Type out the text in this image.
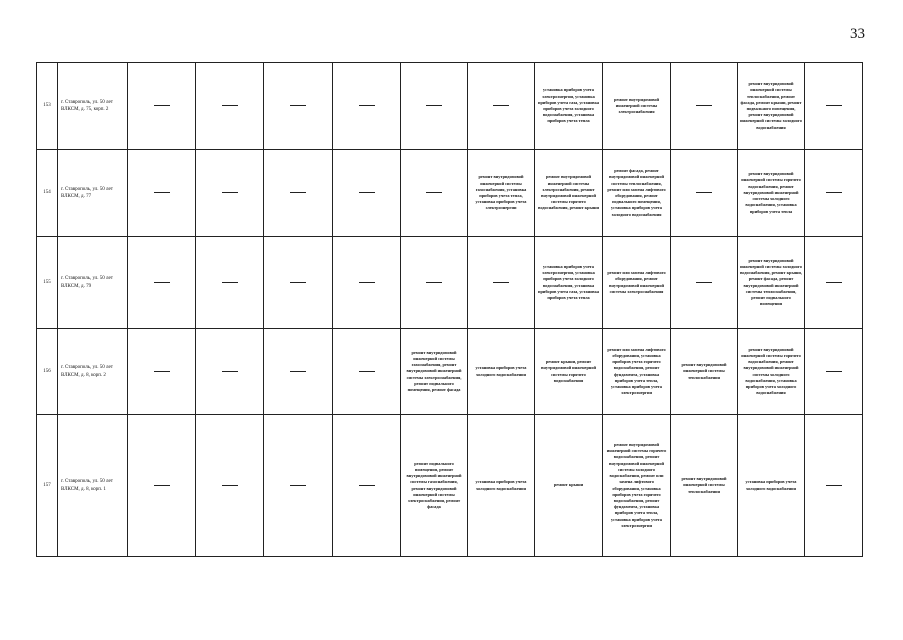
33
153	г. Ставрополь, ул. 50 лет
ВЛКСМ, д. 75, корп. 2							установка приборов учета электроэнергии, установка приборов учета газа, установка приборов учета холодного водоснабжения, установка приборов учета тепла	ремонт внутридомовой инженерной системы электроснабжения		ремонт внутридомовой инженерной системы теплоснабжения, ремонт фасада, ремонт крыши, ремонт подвального помещения, ремонт внутридомовой инженерной системы холодного водоснабжения	
154	г. Ставрополь, ул. 50 лет
ВЛКСМ, д. 77						ремонт внутридомовой инженерной системы газоснабжения, установка приборов учета тепла, установка приборов учета электроэнергии	ремонт внутридомовой инженерной системы электроснабжения, ремонт внутридомовой инженерной системы горячего водоснабжения, ремонт крыши	ремонт фасада, ремонт внутридомовой инженерной системы теплоснабжения, ремонт или замена лифтового оборудования, ремонт подвального помещения, установка приборов учета холодного водоснабжения		ремонт внутридомовой инженерной системы горячего водоснабжения, ремонт внутридомовой инженерной системы холодного водоснабжения, установка приборов учета тепла	
155	г. Ставрополь, ул. 50 лет
ВЛКСМ, д. 79							установка приборов учета электроэнергии, установка приборов учета холодного водоснабжения, установка приборов учета газа, установка приборов учета тепла	ремонт или замена лифтового оборудования, ремонт внутридомовой инженерной системы электроснабжения		ремонт внутридомовой инженерной системы холодного водоснабжения, ремонт крыши, ремонт фасада, ремонт внутридомовой инженерной системы теплоснабжения, ремонт подвального помещения	
156	г. Ставрополь, ул. 50 лет
ВЛКСМ, д. 8, корп. 2					ремонт внутридомовой инженерной системы газоснабжения, ремонт внутридомовой инженерной системы электроснабжения, ремонт подвального помещения, ремонт фасада	установка приборов учета холодного водоснабжения	ремонт крыши, ремонт внутридомовой инженерной системы горячего водоснабжения	ремонт или замена лифтового оборудования, установка приборов учета горячего водоснабжения, ремонт фундамента, установка приборов учета тепла, установка приборов учета электроэнергии	ремонт внутридомовой инженерной системы теплоснабжения	ремонт внутридомовой инженерной системы горячего водоснабжения, ремонт внутридомовой инженерной системы холодного водоснабжения, установка приборов учета холодного водоснабжения	
157	г. Ставрополь, ул. 50 лет
ВЛКСМ, д. 8, корп. 1					ремонт подвального помещения, ремонт внутридомовой инженерной системы газоснабжения, ремонт внутридомовой инженерной системы электроснабжения, ремонт фасада	установка приборов учета холодного водоснабжения	ремонт крыши	ремонт внутридомовой инженерной системы горячего водоснабжения, ремонт внутридомовой инженерной системы холодного водоснабжения, ремонт или замена лифтового оборудования, установка приборов учета горячего водоснабжения, ремонт фундамента, установка приборов учета тепла, установка приборов учета электроэнергии	ремонт внутридомовой инженерной системы теплоснабжения	установка приборов учета холодного водоснабжения	
